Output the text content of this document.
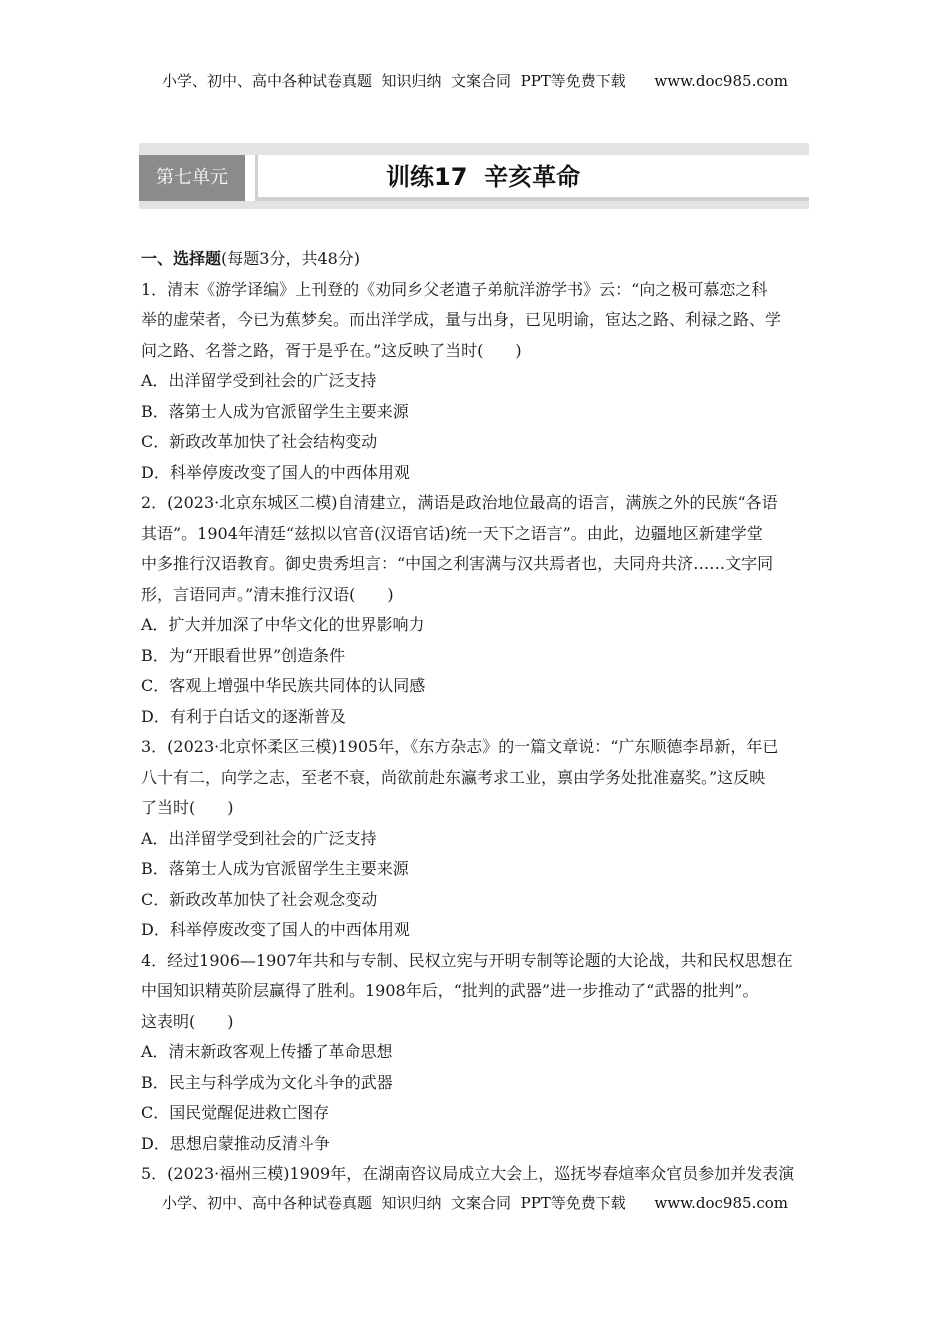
小学、初中、高中各种试卷真题  知识归纳  文案合同  PPT等免费下载      www.doc985.com
第七单元	训练17  辛亥革命

一、选择题(每题3分，共48分)

1．清末《游学译编》上刊登的《劝同乡父老遣子弟航洋游学书》云：“向之极可慕恋之科

举的虚荣者，今已为蕉梦矣。而出洋学成，量与出身，已见明谕，宦达之路、利禄之路、学

问之路、名誉之路，胥于是乎在。”这反映了当时(　　)

A．出洋留学受到社会的广泛支持

B．落第士人成为官派留学生主要来源

C．新政改革加快了社会结构变动

D．科举停废改变了国人的中西体用观

2．(2023·北京东城区二模)自清建立，满语是政治地位最高的语言，满族之外的民族“各语

其语”。1904年清廷“兹拟以官音(汉语官话)统一天下之语言”。由此，边疆地区新建学堂

中多推行汉语教育。御史贵秀坦言：“中国之利害满与汉共焉者也，夫同舟共济……文字同

形，言语同声。”清末推行汉语(　　)

A．扩大并加深了中华文化的世界影响力

B．为“开眼看世界”创造条件

C．客观上增强中华民族共同体的认同感

D．有利于白话文的逐渐普及

3．(2023·北京怀柔区三模)1905年，《东方杂志》的一篇文章说：“广东顺德李昂新，年已

八十有二，向学之志，至老不衰，尚欲前赴东瀛考求工业，禀由学务处批准嘉奖。”这反映

了当时(　　)

A．出洋留学受到社会的广泛支持

B．落第士人成为官派留学生主要来源

C．新政改革加快了社会观念变动

D．科举停废改变了国人的中西体用观

4．经过1906—1907年共和与专制、民权立宪与开明专制等论题的大论战，共和民权思想在

中国知识精英阶层赢得了胜利。1908年后，“批判的武器”进一步推动了“武器的批判”。

这表明(　　)

A．清末新政客观上传播了革命思想

B．民主与科学成为文化斗争的武器

C．国民觉醒促进救亡图存

D．思想启蒙推动反清斗争

5．(2023·福州三模)1909年，在湖南咨议局成立大会上，巡抚岑春煊率众官员参加并发表演

小学、初中、高中各种试卷真题  知识归纳  文案合同  PPT等免费下载      www.doc985.com
